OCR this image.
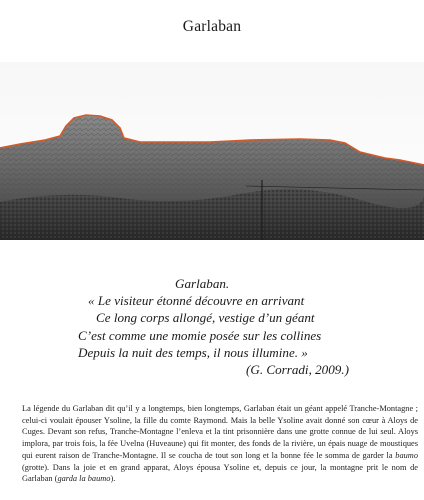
Garlaban
Garlaban.
« Le visiteur étonné découvre en arrivant
Ce long corps allongé, vestige d’un géant
C’est comme une momie posée sur les collines
Depuis la nuit des temps, il nous illumine. »
(G. Corradi, 2009.)
La légende du Garlaban dit qu’il y a longtemps, bien longtemps, Garlaban était un géant appelé Tranche-Montagne ; celui-ci voulait épouser Ysoline, la fille du comte Raymond. Mais la belle Ysoline avait donné son cœur à Aloys de Cuges. Devant son refus, Tranche-Montagne l’enleva et la tint prisonnière dans une grotte connue de lui seul. Aloys implora, par trois fois, la fée Uvelna (Huveaune) qui fit monter, des fonds de la rivière, un épais nuage de moustiques qui eurent raison de Tranche-Montagne. Il se coucha de tout son long et la bonne fée le somma de garder la baumo (grotte). Dans la joie et en grand apparat, Aloys épousa Ysoline et, depuis ce jour, la montagne prit le nom de Garlaban (garda la baumo).
